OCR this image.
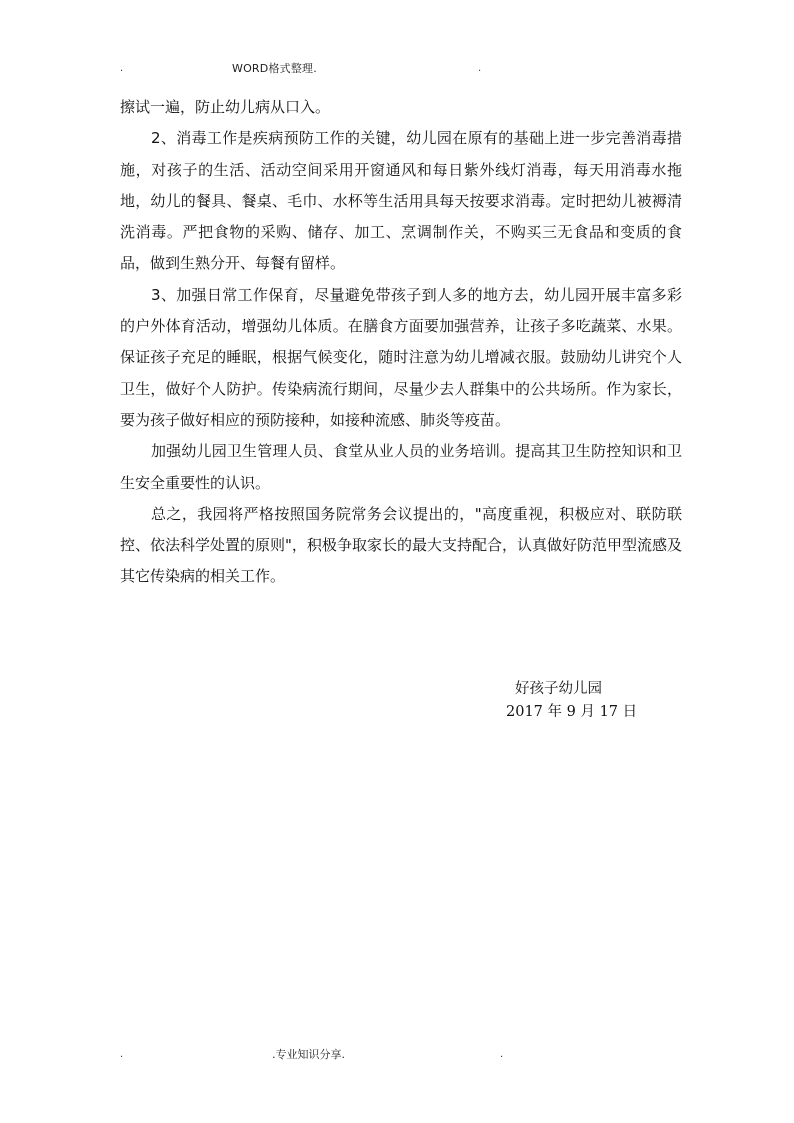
.	WORD格式整理.	.

擦试一遍，防止幼儿病从口入。

2、消毒工作是疾病预防工作的关键，幼儿园在原有的基础上进一步完善消毒措施，对孩子的生活、活动空间采用开窗通风和每日紫外线灯消毒，每天用消毒水拖地，幼儿的餐具、餐桌、毛巾、水杯等生活用具每天按要求消毒。定时把幼儿被褥清洗消毒。严把食物的采购、储存、加工、烹调制作关，不购买三无食品和变质的食品，做到生熟分开、每餐有留样。

3、加强日常工作保育，尽量避免带孩子到人多的地方去，幼儿园开展丰富多彩的户外体育活动，增强幼儿体质。在膳食方面要加强营养，让孩子多吃蔬菜、水果。保证孩子充足的睡眠，根据气候变化，随时注意为幼儿增减衣服。鼓励幼儿讲究个人卫生，做好个人防护。传染病流行期间，尽量少去人群集中的公共场所。作为家长，要为孩子做好相应的预防接种，如接种流感、肺炎等疫苗。

加强幼儿园卫生管理人员、食堂从业人员的业务培训。提高其卫生防控知识和卫生安全重要性的认识。

总之，我园将严格按照国务院常务会议提出的，"高度重视，积极应对、联防联控、依法科学处置的原则"，积极争取家长的最大支持配合，认真做好防范甲型流感及其它传染病的相关工作。

好孩子幼儿园
2017 年 9 月 17 日
.	.专业知识分享.	.
